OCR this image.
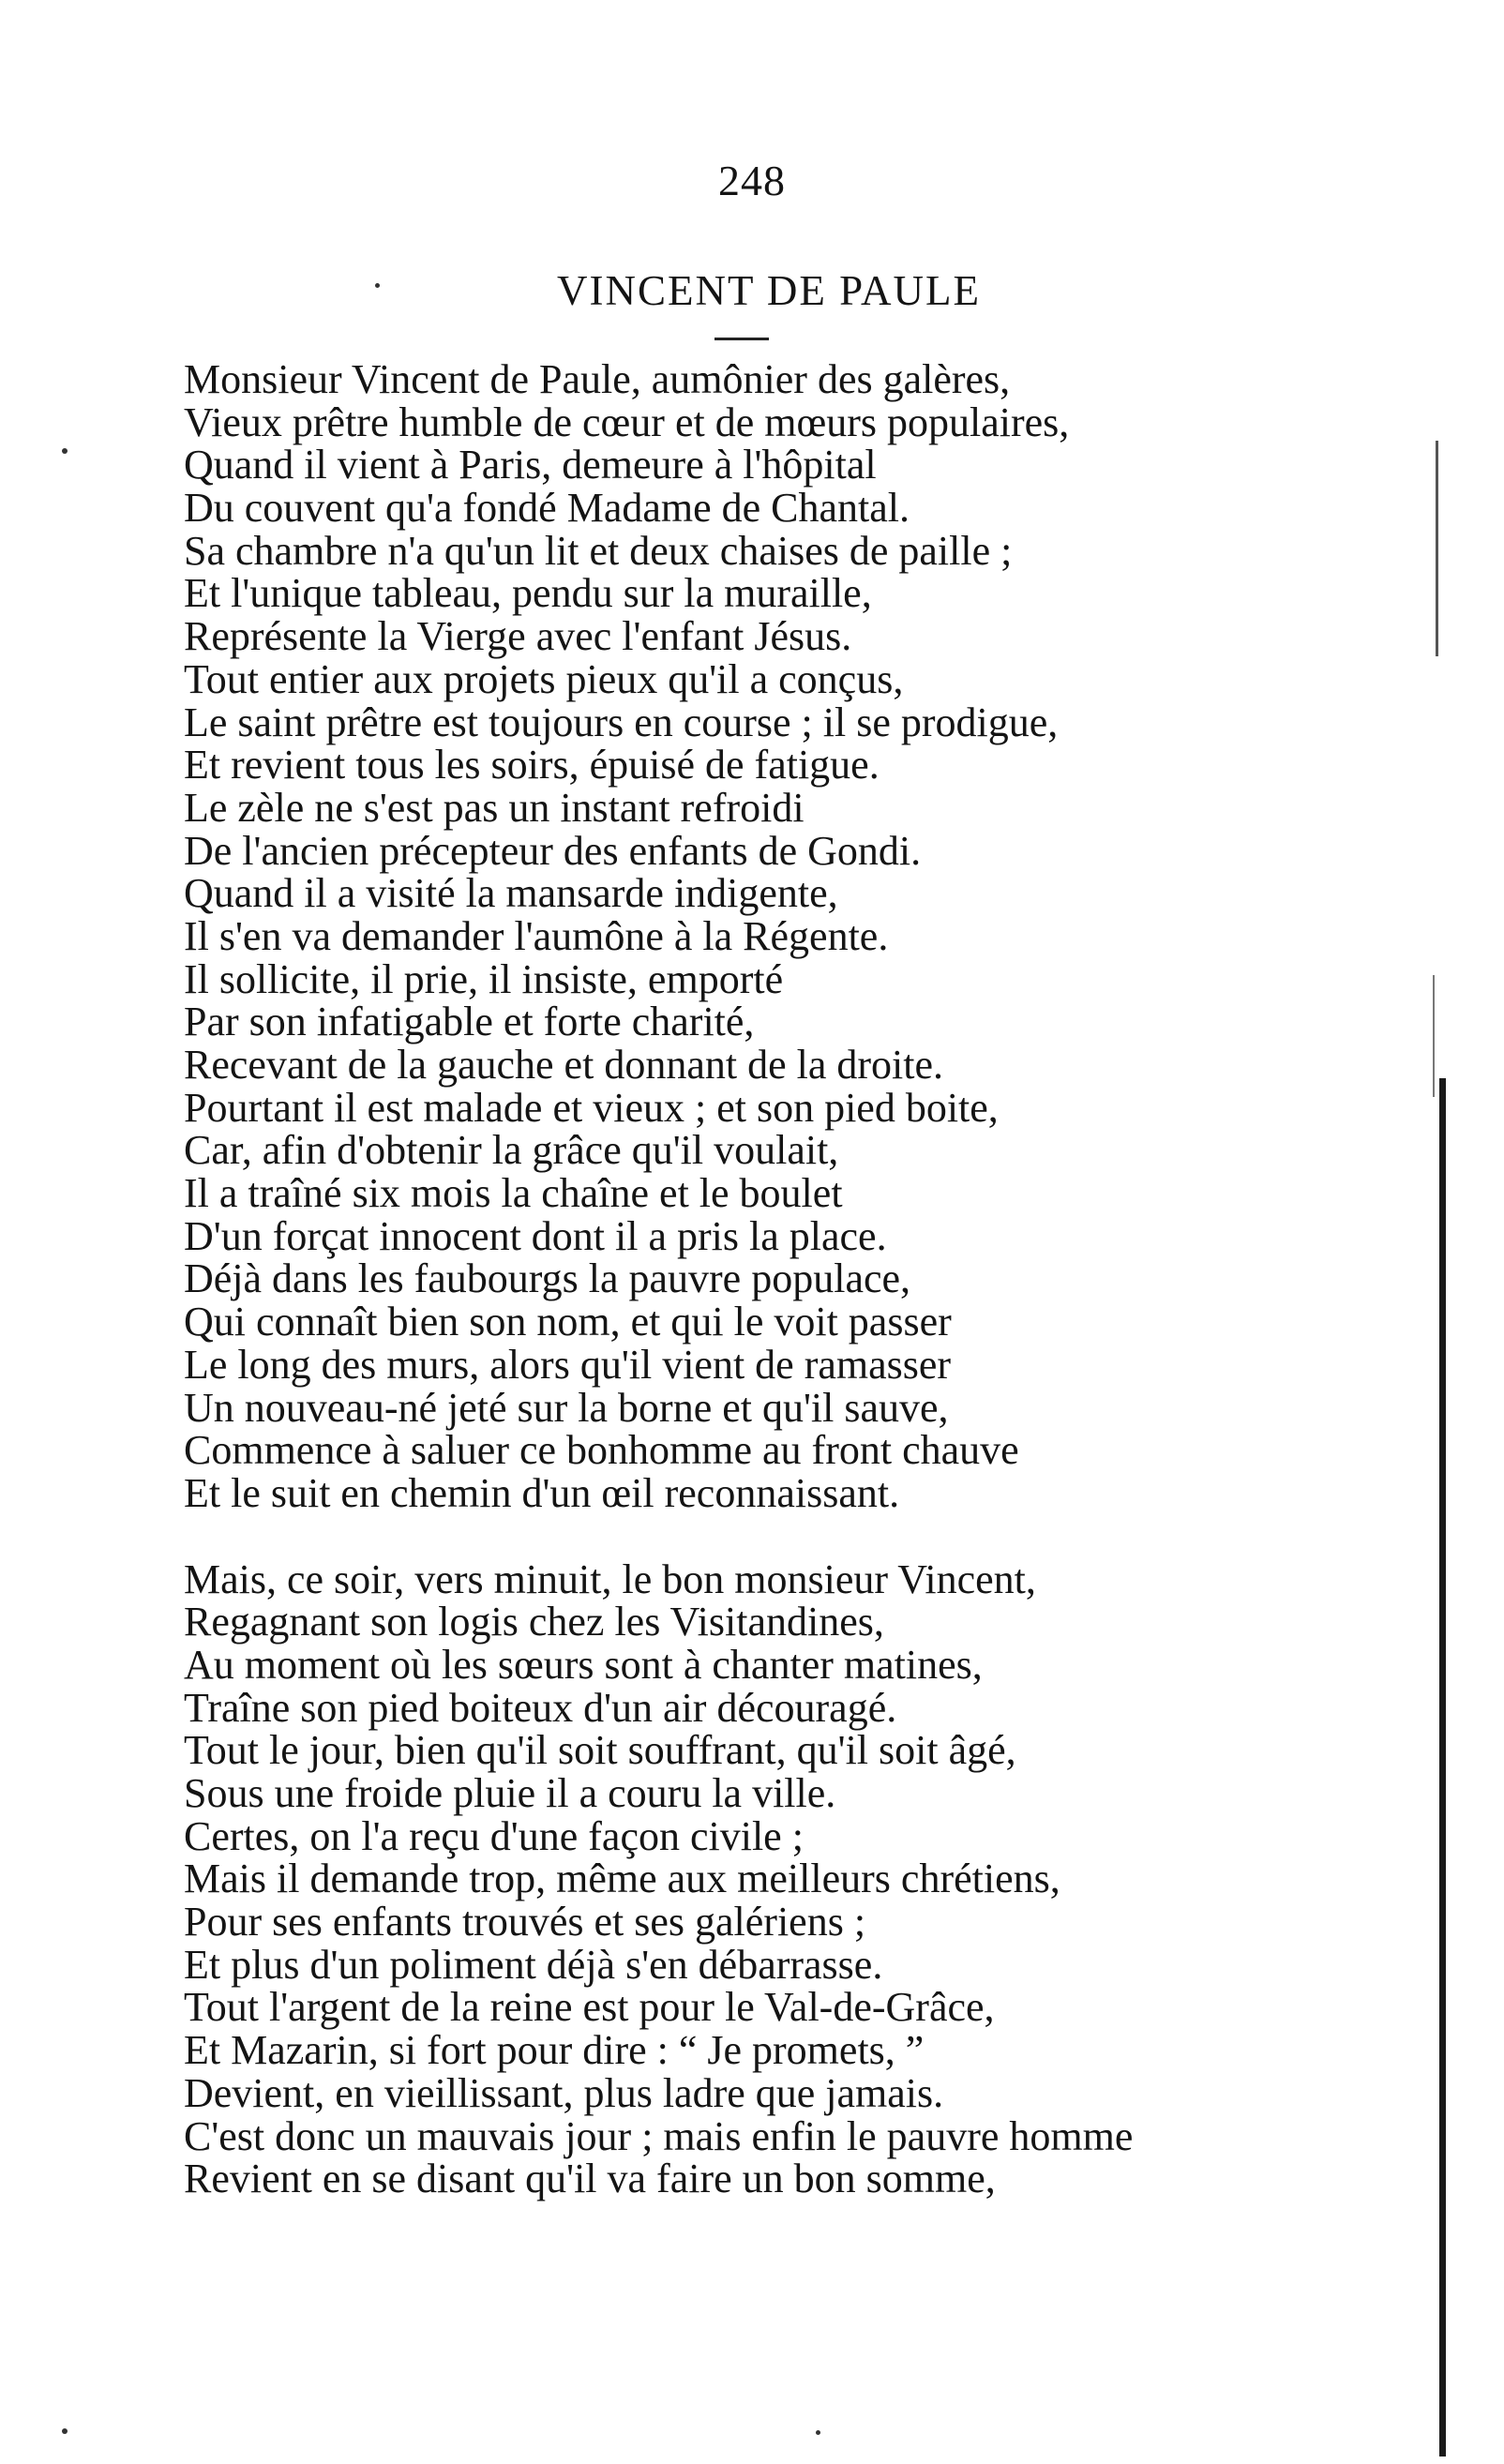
248
VINCENT DE PAULE
Monsieur Vincent de Paule, aumônier des galères,
Vieux prêtre humble de cœur et de mœurs populaires,
Quand il vient à Paris, demeure à l'hôpital
Du couvent qu'a fondé Madame de Chantal.
Sa chambre n'a qu'un lit et deux chaises de paille ;
Et l'unique tableau, pendu sur la muraille,
Représente la Vierge avec l'enfant Jésus.
Tout entier aux projets pieux qu'il a conçus,
Le saint prêtre est toujours en course ; il se prodigue,
Et revient tous les soirs, épuisé de fatigue.
Le zèle ne s'est pas un instant refroidi
De l'ancien précepteur des enfants de Gondi.
Quand il a visité la mansarde indigente,
Il s'en va demander l'aumône à la Régente.
Il sollicite, il prie, il insiste, emporté
Par son infatigable et forte charité,
Recevant de la gauche et donnant de la droite.
Pourtant il est malade et vieux ; et son pied boite,
Car, afin d'obtenir la grâce qu'il voulait,
Il a traîné six mois la chaîne et le boulet
D'un forçat innocent dont il a pris la place.
Déjà dans les faubourgs la pauvre populace,
Qui connaît bien son nom, et qui le voit passer
Le long des murs, alors qu'il vient de ramasser
Un nouveau-né jeté sur la borne et qu'il sauve,
Commence à saluer ce bonhomme au front chauve
Et le suit en chemin d'un œil reconnaissant.
Mais, ce soir, vers minuit, le bon monsieur Vincent,
Regagnant son logis chez les Visitandines,
Au moment où les sœurs sont à chanter matines,
Traîne son pied boiteux d'un air découragé.
Tout le jour, bien qu'il soit souffrant, qu'il soit âgé,
Sous une froide pluie il a couru la ville.
Certes, on l'a reçu d'une façon civile ;
Mais il demande trop, même aux meilleurs chrétiens,
Pour ses enfants trouvés et ses galériens ;
Et plus d'un poliment déjà s'en débarrasse.
Tout l'argent de la reine est pour le Val-de-Grâce,
Et Mazarin, si fort pour dire : “ Je promets, ”
Devient, en vieillissant, plus ladre que jamais.
C'est donc un mauvais jour ; mais enfin le pauvre homme
Revient en se disant qu'il va faire un bon somme,
